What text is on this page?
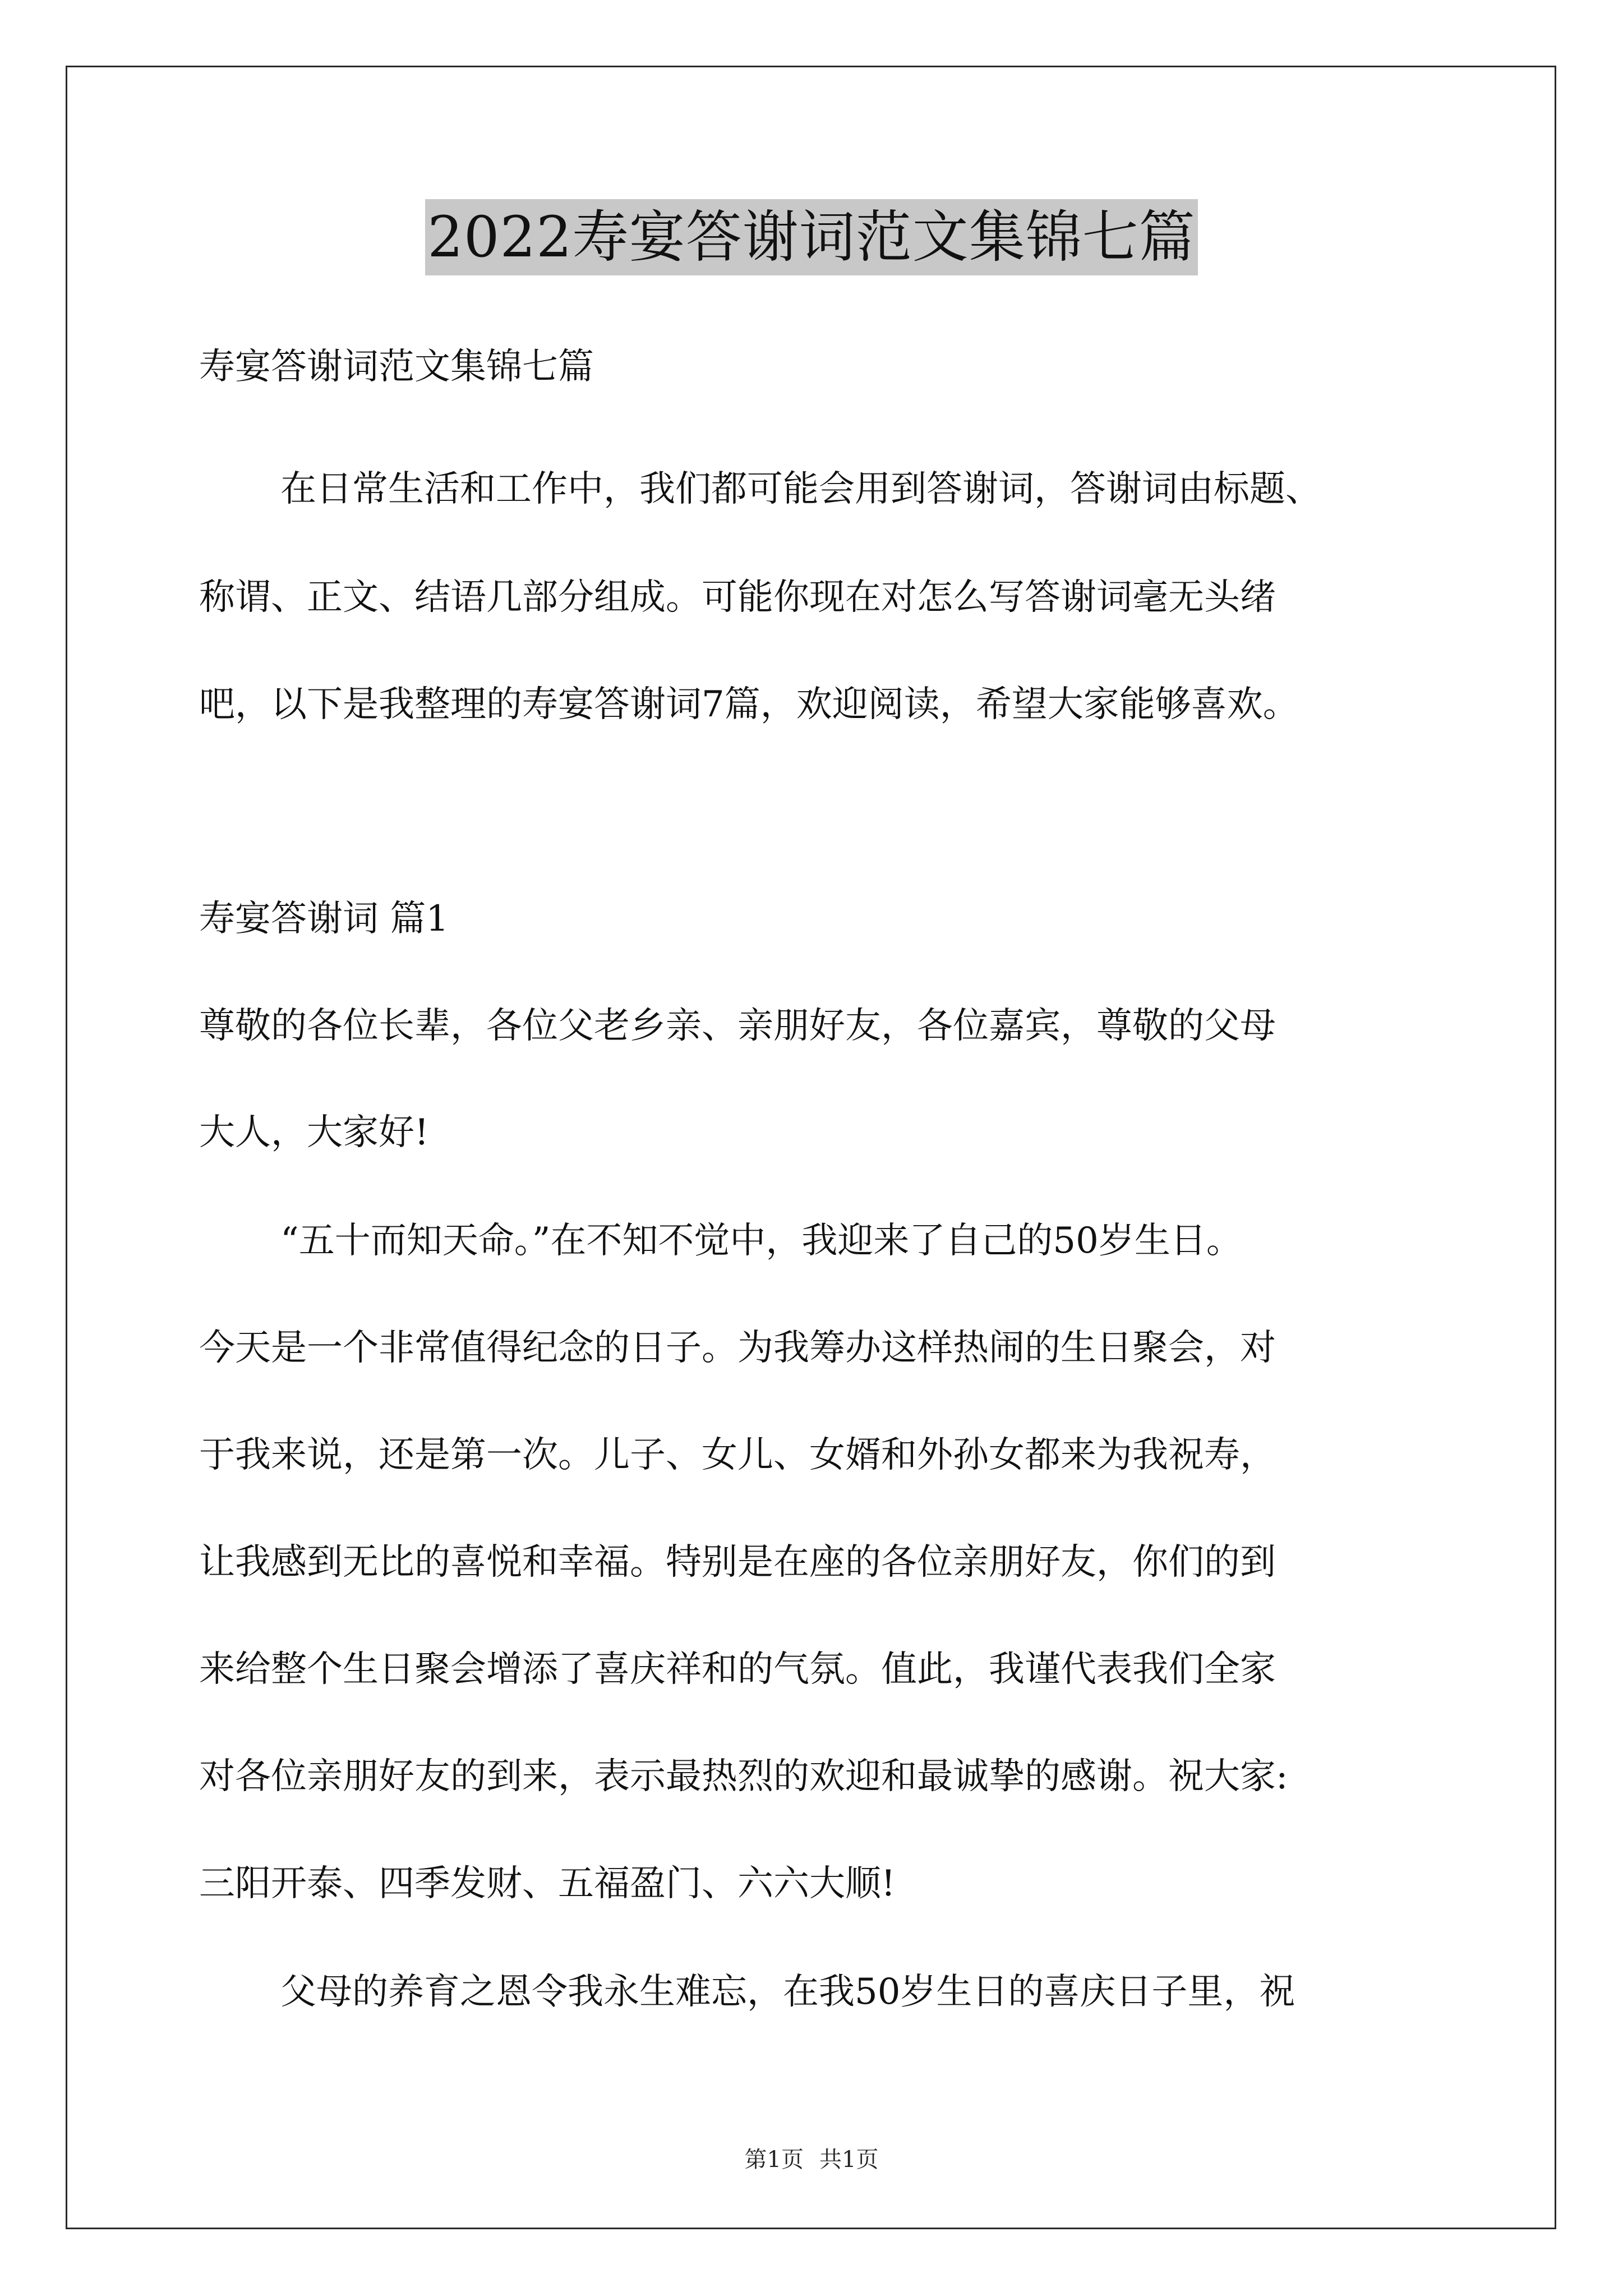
2022寿宴答谢词范文集锦七篇
寿宴答谢词范文集锦七篇
在日常生活和工作中，我们都可能会用到答谢词，答谢词由标题、
称谓、正文、结语几部分组成。可能你现在对怎么写答谢词毫无头绪
吧，以下是我整理的寿宴答谢词7篇，欢迎阅读，希望大家能够喜欢。
寿宴答谢词 篇1
尊敬的各位长辈，各位父老乡亲、亲朋好友，各位嘉宾，尊敬的父母
大人，大家好!
“五十而知天命。”在不知不觉中，我迎来了自己的50岁生日。
今天是一个非常值得纪念的日子。为我筹办这样热闹的生日聚会，对
于我来说，还是第一次。儿子、女儿、女婿和外孙女都来为我祝寿，
让我感到无比的喜悦和幸福。特别是在座的各位亲朋好友，你们的到
来给整个生日聚会增添了喜庆祥和的气氛。值此，我谨代表我们全家
对各位亲朋好友的到来，表示最热烈的欢迎和最诚挚的感谢。祝大家:
三阳开泰、四季发财、五福盈门、六六大顺!
父母的养育之恩令我永生难忘，在我50岁生日的喜庆日子里，祝
第1页 共1页
